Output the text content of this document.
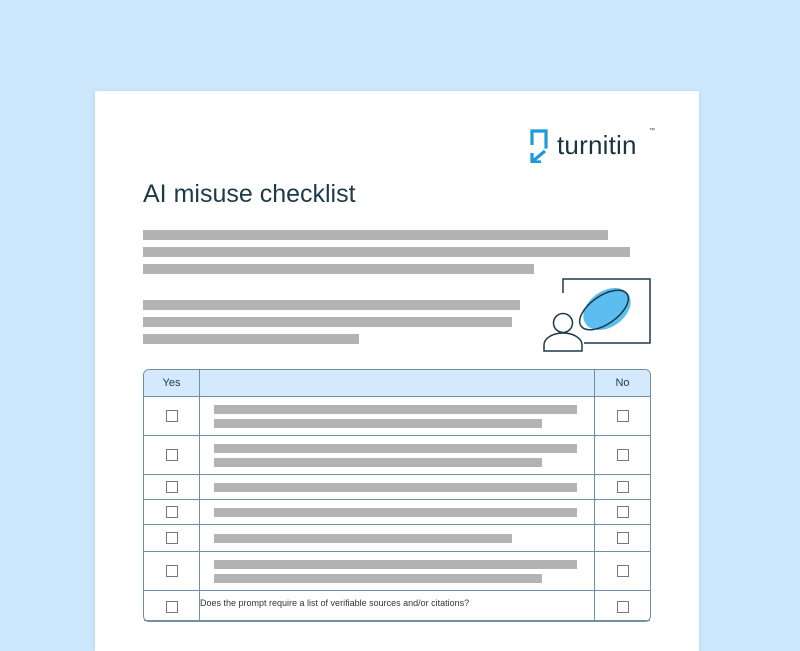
turnitin ™
AI misuse checklist
Yes		No

	Does the prompt require a list of verifiable sources and/or citations?	
